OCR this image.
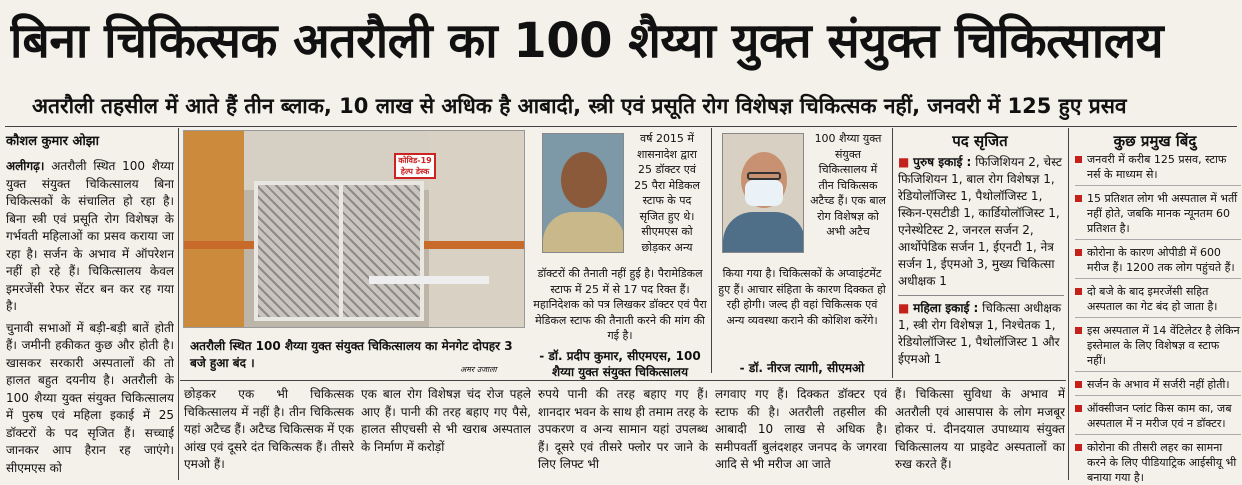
बिना चिकित्सक अतरौली का 100 शैय्या युक्त संयुक्त चिकित्सालय
अतरौली तहसील में आते हैं तीन ब्लाक, 10 लाख से अधिक है आबादी, स्त्री एवं प्रसूति रोग विशेषज्ञ चिकित्सक नहीं, जनवरी में 125 हुए प्रसव
कौशल कुमार ओझा
अलीगढ़। अतरौली स्थित 100 शैय्या युक्त संयुक्त चिकित्सालय बिना चिकित्सकों के संचालित हो रहा है। बिना स्त्री एवं प्रसूति रोग विशेषज्ञ के गर्भवती महिलाओं का प्रसव कराया जा रहा है। सर्जन के अभाव में ऑपरेशन नहीं हो रहे हैं। चिकित्सालय केवल इमरजेंसी रेफर सेंटर बन कर रह गया है।
चुनावी सभाओं में बड़ी-बड़ी बातें होती हैं। जमीनी हकीकत कुछ और होती है। खासकर सरकारी अस्पतालों की तो हालत बहुत दयनीय है। अतरौली के 100 शैय्या युक्त संयुक्त चिकित्सालय में पुरुष एवं महिला इकाई में 25 डॉक्टरों के पद सृजित हैं। सच्चाई जानकर आप हैरान रह जाएंगे। सीएमएस को
कोविड-19 हेल्प डेस्क
अतरौली स्थित 100 शैय्या युक्त संयुक्त चिकित्सालय का मेनगेट दोपहर 3 बजे हुआ बंद ।	अमर उजाला
वर्ष 2015 में शासनादेश द्वारा 25 डॉक्टर एवं 25 पैरा मेडिकल स्टाफ के पद सृजित हुए थे। सीएमएस को छोड़कर अन्य
डॉक्टरों की तैनाती नहीं हुई है। पैरामेडिकल स्टाफ में 25 में से 17 पद रिक्त हैं। महानिदेशक को पत्र लिखकर डॉक्टर एवं पैरा मेडिकल स्टाफ की तैनाती करने की मांग की गई है।
- डॉ. प्रदीप कुमार, सीएमएस, 100 शैय्या युक्त संयुक्त चिकित्सालय
100 शैय्या युक्त संयुक्त चिकित्सालय में तीन चिकित्सक अटैच्ड हैं। एक बाल रोग विशेषज्ञ को अभी अटैच
किया गया है। चिकित्सकों के अप्वाइंटमेंट हुए हैं। आचार संहिता के कारण दिक्कत हो रही होगी। जल्द ही वहां चिकित्सक एवं अन्य व्यवस्था कराने की कोशिश करेंगे।
- डॉ. नीरज त्यागी, सीएमओ
पद सृजित
■ पुरुष इकाई : फिजिशियन 2, चेस्ट फिजिशियन 1, बाल रोग विशेषज्ञ 1, रेडियोलॉजिस्ट 1, पैथोलॉजिस्ट 1, स्किन-एसटीडी 1, कार्डियोलॉजिस्ट 1, एनेस्थेटिस्ट 2, जनरल सर्जन 2, आर्थोपेडिक सर्जन 1, ईएनटी 1, नेत्र सर्जन 1, ईएमओ 3, मुख्य चिकित्सा अधीक्षक 1
■ महिला इकाई : चिकित्सा अधीक्षक 1, स्त्री रोग विशेषज्ञ 1, निश्चेतक 1, रेडियोलॉजिस्ट 1, पैथोलॉजिस्ट 1 और ईएमओ 1
कुछ प्रमुख बिंदु
जनवरी में करीब 125 प्रसव, स्टाफ नर्स के माध्यम से।
15 प्रतिशत लोग भी अस्पताल में भर्ती नहीं होते, जबकि मानक न्यूनतम 60 प्रतिशत है।
कोरोना के कारण ओपीडी में 600 मरीज हैं। 1200 तक लोग पहुंचते हैं।
दो बजे के बाद इमरजेंसी सहित अस्पताल का गेट बंद हो जाता है।
इस अस्पताल में 14 वेंटिलेटर है लेकिन इस्तेमाल के लिए विशेषज्ञ व स्टाफ नहीं।
सर्जन के अभाव में सर्जरी नहीं होती।
ऑक्सीजन प्लांट किस काम का, जब अस्पताल में न मरीज एवं न डॉक्टर।
कोरोना की तीसरी लहर का सामना करने के लिए पीडियाट्रिक आईसीयू भी बनाया गया है।
छोड़कर एक भी चिकित्सक चिकित्सालय में नहीं है। तीन चिकित्सक यहां अटैच्ड हैं। अटैच्ड चिकित्सक में एक आंख एवं दूसरे दंत चिकित्सक हैं। तीसरे एमओ हैं।
एक बाल रोग विशेषज्ञ चंद रोज पहले आए हैं। पानी की तरह बहाए गए पैसे, हालत सीएचसी से भी खराब अस्पताल के निर्माण में करोड़ों
रुपये पानी की तरह बहाए गए हैं। शानदार भवन के साथ ही तमाम तरह के उपकरण व अन्य सामान यहां उपलब्ध हैं। दूसरे एवं तीसरे फ्लोर पर जाने के लिए लिफ्ट भी
लगवाए गए हैं। दिक्कत डॉक्टर एवं स्टाफ की है। अतरौली तहसील की आबादी 10 लाख से अधिक है। समीपवर्ती बुलंदशहर जनपद के जगरवा आदि से भी मरीज आ जाते
हैं। चिकित्सा सुविधा के अभाव में अतरौली एवं आसपास के लोग मजबूर होकर पं. दीनदयाल उपाध्याय संयुक्त चिकित्सालय या प्राइवेट अस्पतालों का रुख करते हैं।
